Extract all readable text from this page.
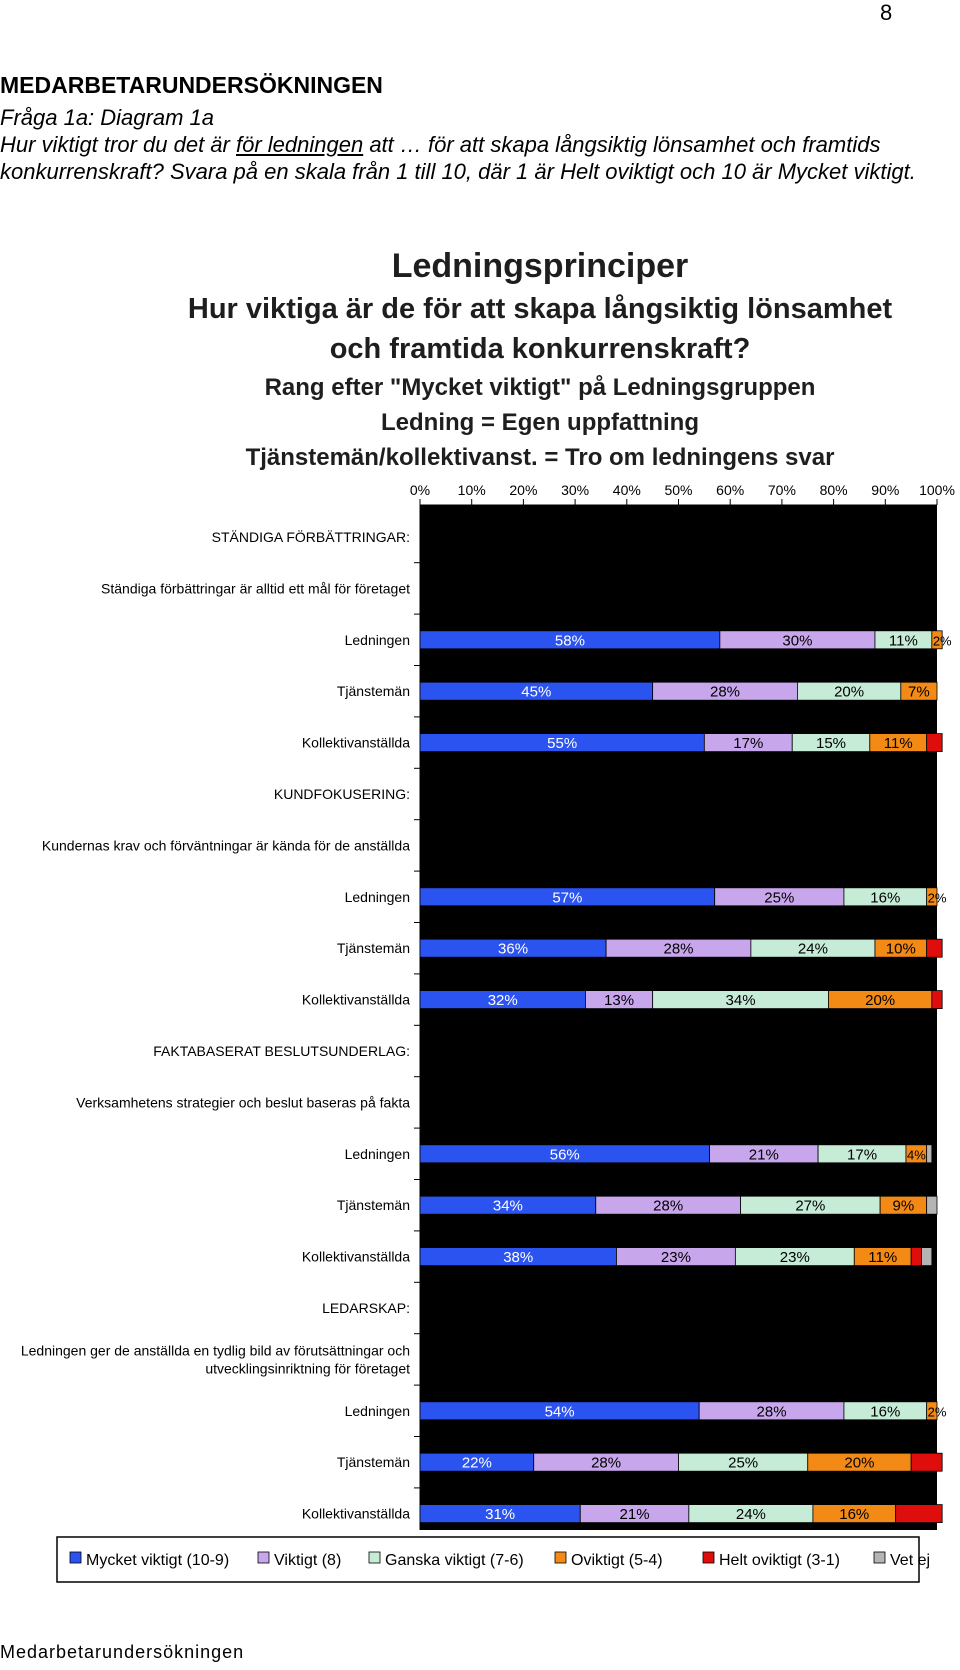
8
MEDARBETARUNDERSÖKNINGEN
Fråga 1a: Diagram 1a
Hur viktigt tror du det är för ledningen att … för att skapa långsiktig lönsamhet och framtids konkurrenskraft? Svara på en skala från 1 till 10, där 1 är Helt oviktigt och 10 är Mycket viktigt.
Ledningsprinciper
Hur viktiga är de för att skapa långsiktig lönsamhet
och framtida konkurrenskraft?
Rang efter "Mycket viktigt" på Ledningsgruppen
Ledning = Egen uppfattning
Tjänstemän/kollektivanst. = Tro om ledningens svar
0% 10% 20% 30% 40% 50% 60% 70% 80% 90% 100%
STÄNDIGA FÖRBÄTTRINGAR:
Ständiga förbättringar är alltid ett mål för företaget
Ledningen	58%	30%	11% 2%
Tjänstemän	45%	28%	20%	7%
Kollektivanställda	55%	17%	15%	11%
KUNDFOKUSERING:
Kundernas krav och förväntningar är kända för de anställda
Ledningen	57%	25%	16% 2%
Tjänstemän	36%	28%	24%	10%
Kollektivanställda	32%	13%	34%	20%
FAKTABASERAT BESLUTSUNDERLAG:
Verksamhetens strategier och beslut baseras på fakta
Ledningen	56%	21%	17% 4%
Tjänstemän	34%	28%	27%	9%
Kollektivanställda	38%	23%	23%	11%
LEDARSKAP:
Ledningen ger de anställda en tydlig bild av förutsättningar och
utvecklingsinriktning för företaget
Ledningen	54%	28%	16% 2%
Tjänstemän	22%	28%	25%	20%
Kollektivanställda	31%	21%	24%	16%
Mycket viktigt (10-9)	Viktigt (8)	Ganska viktigt (7-6)	Oviktigt (5-4)	Helt oviktigt (3-1)	Vet ej
Medarbetarundersökningen
